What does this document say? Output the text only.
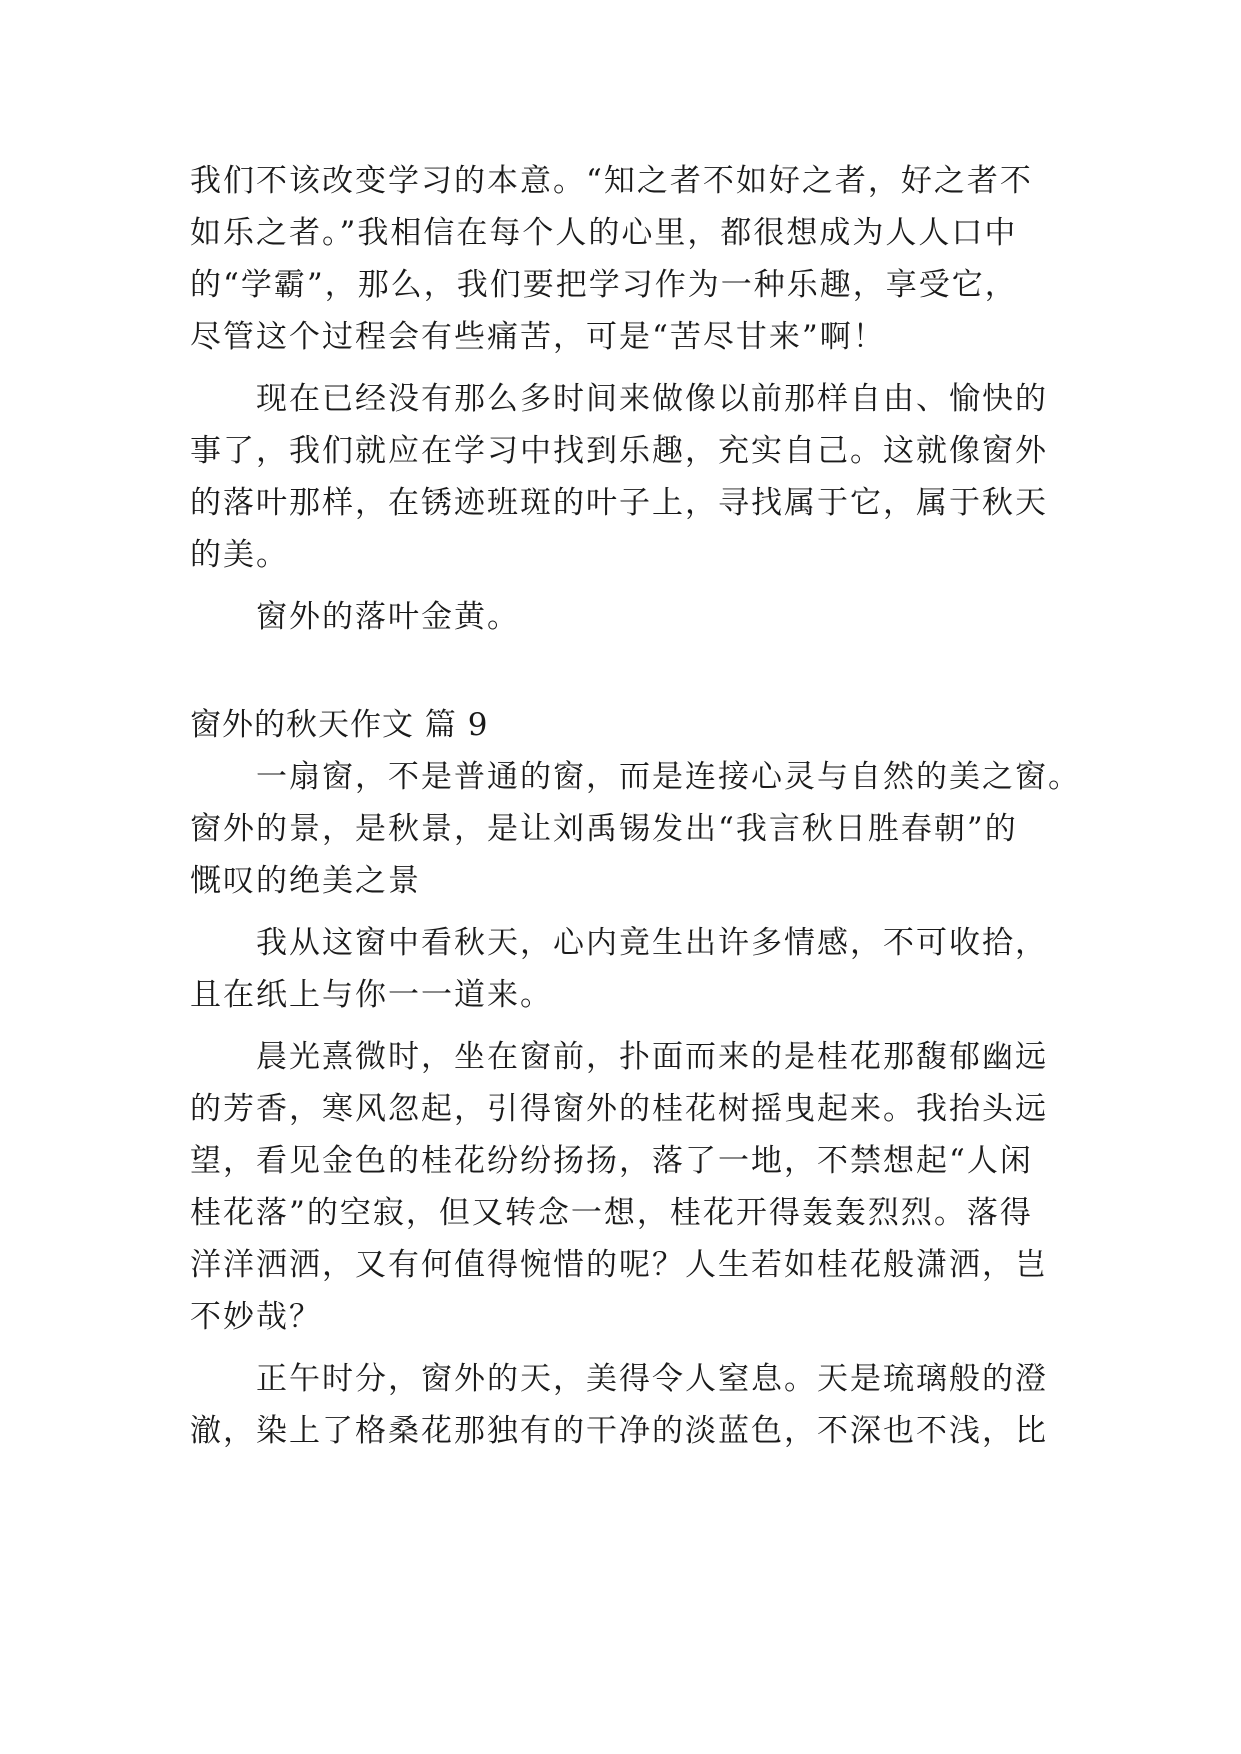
我们不该改变学习的本意。“知之者不如好之者，好之者不
如乐之者。”我相信在每个人的心里，都很想成为人人口中
的“学霸”，那么，我们要把学习作为一种乐趣，享受它，
尽管这个过程会有些痛苦，可是“苦尽甘来”啊！
现在已经没有那么多时间来做像以前那样自由、愉快的
事了，我们就应在学习中找到乐趣，充实自己。这就像窗外
的落叶那样，在锈迹班斑的叶子上，寻找属于它，属于秋天
的美。
窗外的落叶金黄。
窗外的秋天作文 篇 9
一扇窗，不是普通的窗，而是连接心灵与自然的美之窗。
窗外的景，是秋景，是让刘禹锡发出“我言秋日胜春朝”的
慨叹的绝美之景
我从这窗中看秋天，心内竟生出许多情感，不可收拾，
且在纸上与你一一道来。
晨光熹微时，坐在窗前，扑面而来的是桂花那馥郁幽远
的芳香，寒风忽起，引得窗外的桂花树摇曳起来。我抬头远
望，看见金色的桂花纷纷扬扬，落了一地，不禁想起“人闲
桂花落”的空寂，但又转念一想，桂花开得轰轰烈烈。落得
洋洋洒洒，又有何值得惋惜的呢？人生若如桂花般潇洒，岂
不妙哉？
正午时分，窗外的天，美得令人窒息。天是琉璃般的澄
澈，染上了格桑花那独有的干净的淡蓝色，不深也不浅，比
